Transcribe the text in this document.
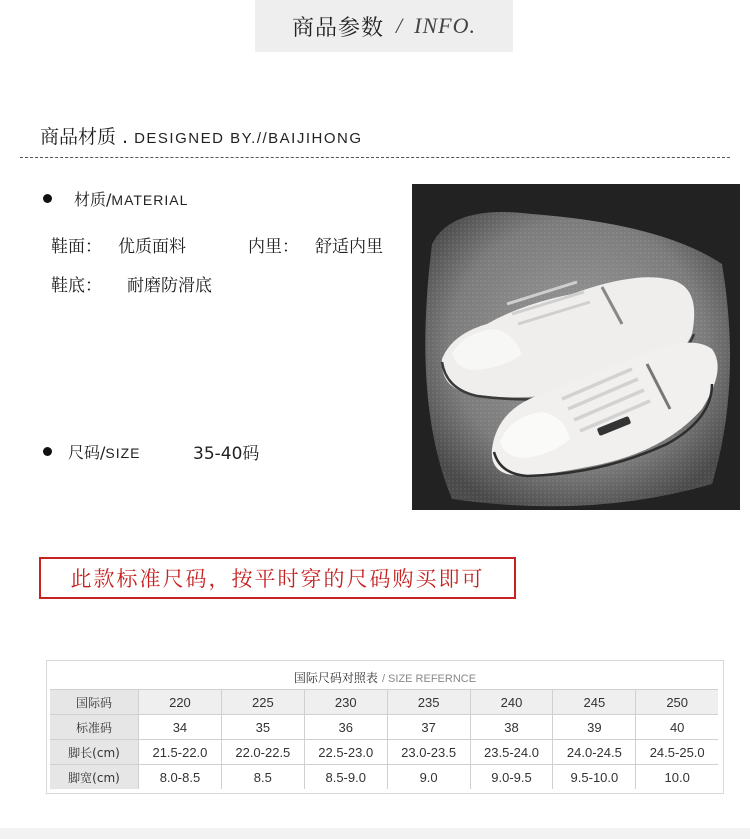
商品参数 / INFO.
商品材质 . DESIGNED BY.//BAIJIHONG
材质/MATERIAL
鞋面： 优质面料	内里： 舒适内里
鞋底： 耐磨防滑底
尺码/SIZE	35-40码
此款标准尺码，按平时穿的尺码购买即可
国际尺码对照表 / SIZE REFERNCE
国际码	220	225	230	235	240	245	250
标准码	34	35	36	37	38	39	40
脚长(cm)	21.5-22.0	22.0-22.5	22.5-23.0	23.0-23.5	23.5-24.0	24.0-24.5	24.5-25.0
脚宽(cm)	8.0-8.5	8.5	8.5-9.0	9.0	9.0-9.5	9.5-10.0	10.0
